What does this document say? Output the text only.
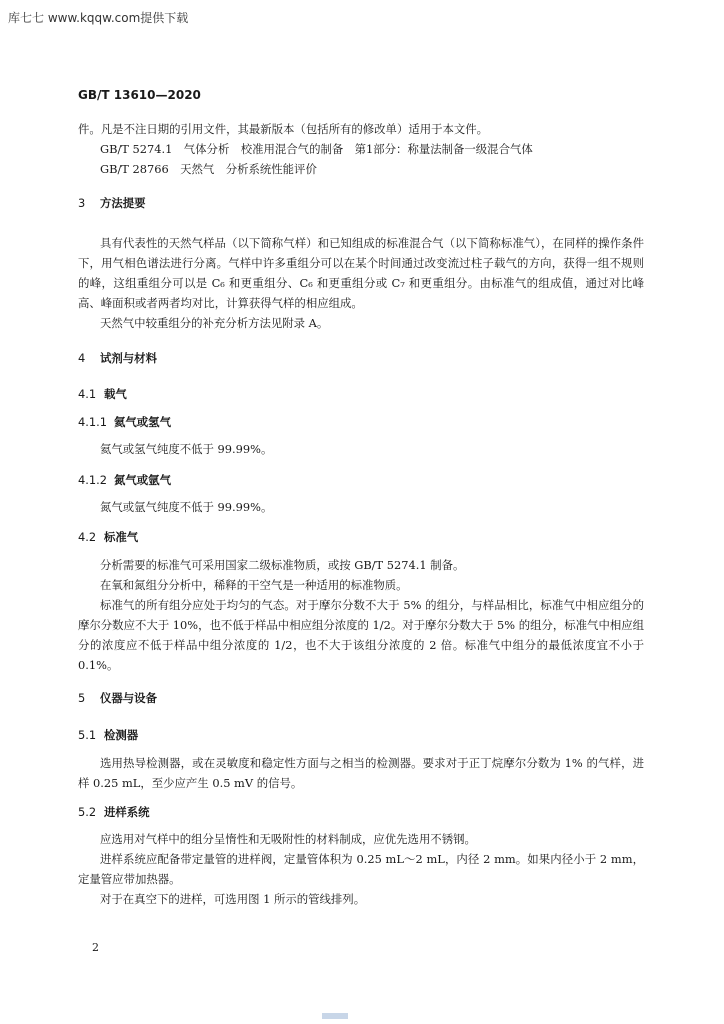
库七七 www.kqqw.com提供下载
GB/T 13610—2020

件。凡是不注日期的引用文件，其最新版本（包括所有的修改单）适用于本文件。

GB/T 5274.1　气体分析　校准用混合气的制备　第1部分：称量法制备一级混合气体

GB/T 28766　天然气　分析系统性能评价

3 方法提要

具有代表性的天然气样品（以下简称气样）和已知组成的标准混合气（以下简称标准气），在同样的操作条件下，用气相色谱法进行分离。气样中许多重组分可以在某个时间通过改变流过柱子载气的方向，获得一组不规则的峰，这组重组分可以是 C₆ 和更重组分、C₆ 和更重组分或 C₇ 和更重组分。由标准气的组成值，通过对比峰高、峰面积或者两者均对比，计算获得气样的相应组成。

天然气中较重组分的补充分析方法见附录 A。

4 试剂与材料
4.1 载气
4.1.1 氦气或氢气

氦气或氢气纯度不低于 99.99%。

4.1.2 氮气或氩气

氮气或氩气纯度不低于 99.99%。

4.2 标准气

分析需要的标准气可采用国家二级标准物质，或按 GB/T 5274.1 制备。

在氧和氮组分分析中，稀释的干空气是一种适用的标准物质。

标准气的所有组分应处于均匀的气态。对于摩尔分数不大于 5% 的组分，与样品相比，标准气中相应组分的摩尔分数应不大于 10%，也不低于样品中相应组分浓度的 1/2。对于摩尔分数大于 5% 的组分，标准气中相应组分的浓度应不低于样品中组分浓度的 1/2，也不大于该组分浓度的 2 倍。标准气中组分的最低浓度宜不小于 0.1%。

5 仪器与设备
5.1 检测器

选用热导检测器，或在灵敏度和稳定性方面与之相当的检测器。要求对于正丁烷摩尔分数为 1% 的气样，进样 0.25 mL，至少应产生 0.5 mV 的信号。

5.2 进样系统

应选用对气样中的组分呈惰性和无吸附性的材料制成，应优先选用不锈钢。

进样系统应配备带定量管的进样阀，定量管体积为 0.25 mL～2 mL，内径 2 mm。如果内径小于 2 mm，定量管应带加热器。

对于在真空下的进样，可选用图 1 所示的管线排列。

2
